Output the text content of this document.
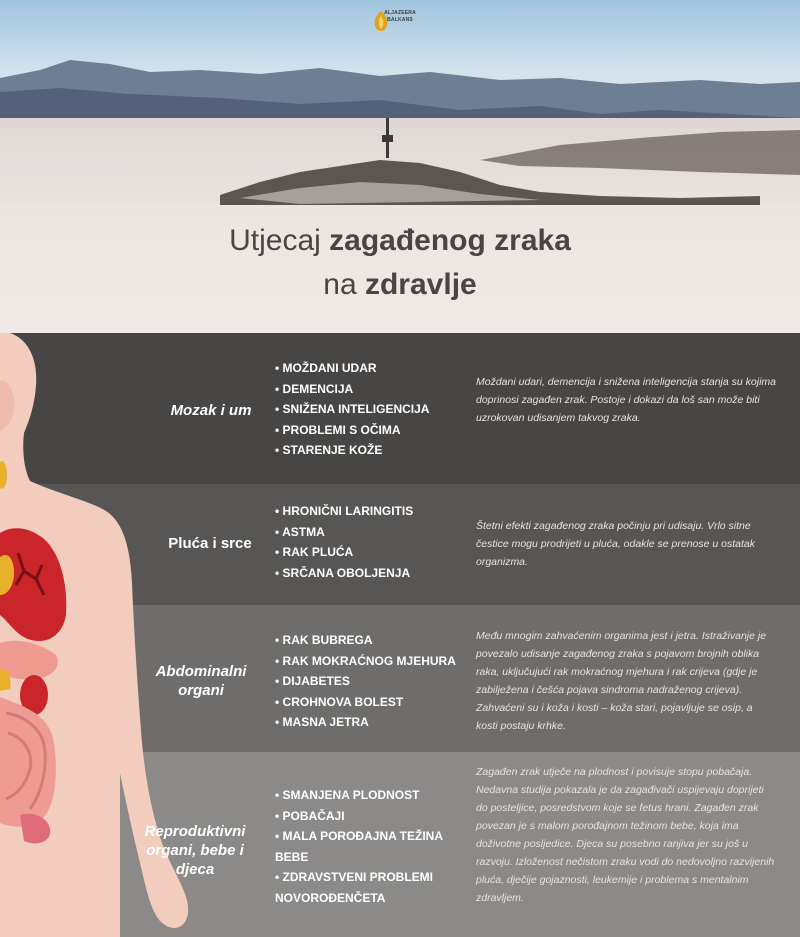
ALJAZEERA
BALKANS
Utjecaj zagađenog zraka
na zdravlje
Mozak i um
• MOŽDANI UDAR
• DEMENCIJA
• SNIŽENA INTELIGENCIJA
• PROBLEMI S OČIMA
• STARENJE KOŽE
Moždani udari, demencija i snižena inteligencija stanja su kojima doprinosi zagađen zrak. Postoje i dokazi da loš san može biti uzrokovan udisanjem takvog zraka.
Pluća i srce
• HRONIČNI LARINGITIS
• ASTMA
• RAK PLUĆA
• SRČANA OBOLJENJA
Štetni efekti zagađenog zraka počinju pri udisaju. Vrlo sitne čestice mogu prodrijeti u pluća, odakle se prenose u ostatak organizma.
Abdominalni organi
• RAK BUBREGA
• RAK MOKRAĆNOG MJEHURA
• DIJABETES
• CROHNOVA BOLEST
• MASNA JETRA
Među mnogim zahvaćenim organima jest i jetra. Istraživanje je povezalo udisanje zagađenog zraka s pojavom brojnih oblika raka, uključujući rak mokraćnog mjehura i rak crijeva (gdje je zabilježena i češća pojava sindroma nadraženog crijeva). Zahvaćeni su i koža i kosti – koža stari, pojavljuje se osip, a kosti postaju krhke.
Reproduktivni organi, bebe i djeca
• SMANJENA PLODNOST
• POBAČAJI
• MALA POROĐAJNA TEŽINA BEBE
• ZDRAVSTVENI PROBLEMI NOVOROĐENČETA
Zagađen zrak utječe na plodnost i povisuje stopu pobačaja. Nedavna studija pokazala je da zagađivači uspijevaju doprijeti do posteljice, posredstvom koje se fetus hrani. Zagađen zrak povezan je s malom porođajnom težinom bebe, koja ima doživotne posljedice. Djeca su posebno ranjiva jer su još u razvoju. Izloženost nečistom zraku vodi do nedovoljno razvijenih pluća, dječije gojaznosti, leukemije i problema s mentalnim zdravljem.
